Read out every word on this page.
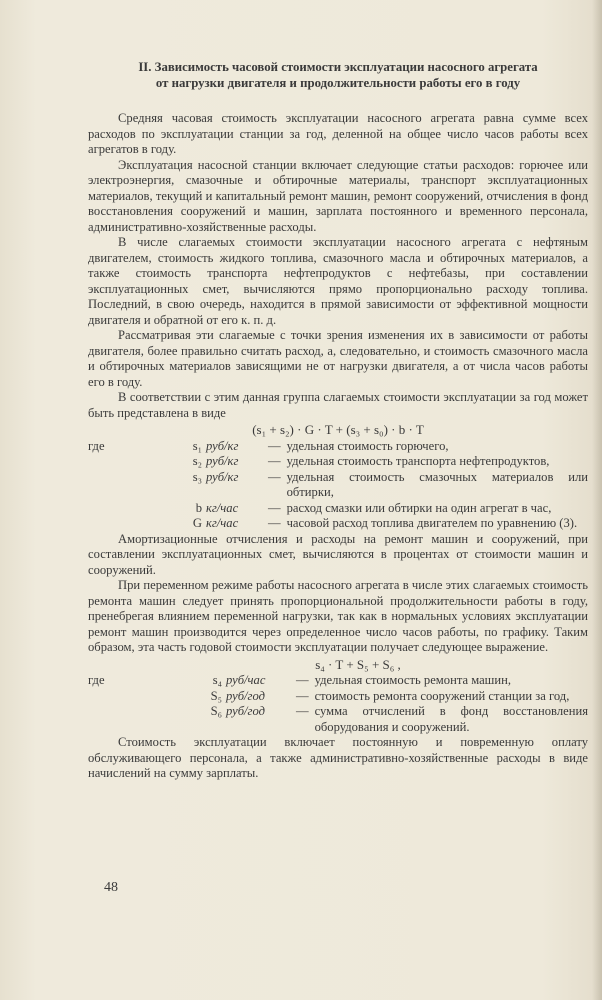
II. Зависимость часовой стоимости эксплуатации насосного агрегата
от нагрузки двигателя и продолжительности работы его в году

Средняя часовая стоимость эксплуатации насосного агрегата равна сумме всех расходов по эксплуатации станции за год, деленной на общее число часов работы всех агрегатов в году.

Эксплуатация насосной станции включает следующие статьи расходов: горючее или электроэнергия, смазочные и обтирочные материалы, транспорт эксплуатационных материалов, текущий и капитальный ремонт машин, ремонт сооружений, отчисления в фонд восстановления сооружений и машин, зарплата постоянного и временного персонала, административно-хозяйственные расходы.

В числе слагаемых стоимости эксплуатации насосного агрегата с нефтяным двигателем, стоимость жидкого топлива, смазочного масла и обтирочных материалов, а также стоимость транспорта нефтепродуктов с нефтебазы, при составлении эксплуатационных смет, вычисляются прямо пропорционально расходу топлива. Последний, в свою очередь, находится в прямой зависимости от эффективной мощности двигателя и обратной от его к. п. д.

Рассматривая эти слагаемые с точки зрения изменения их в зависимости от работы двигателя, более правильно считать расход, а, следовательно, и стоимость смазочного масла и обтирочных материалов зависящими не от нагрузки двигателя, а от числа часов работы его в году.

В соответствии с этим данная группа слагаемых стоимости эксплуатации за год может быть представлена в виде

(s₁ + s₂) · G · T + (s₃ + s₀) · b · T
где	s₁ руб/кг	— удельная стоимость горючего,
s₂ руб/кг	— удельная стоимость транспорта нефтепродуктов,
s₃ руб/кг	— удельная стоимость смазочных материалов или обтирки,
b кг/час	— расход смазки или обтирки на один агрегат в час,
G кг/час	— часовой расход топлива двигателем по уравнению (3).

Амортизационные отчисления и расходы на ремонт машин и сооружений, при составлении эксплуатационных смет, вычисляются в процентах от стоимости машин и сооружений.

При переменном режиме работы насосного агрегата в числе этих слагаемых стоимость ремонта машин следует принять пропорциональной продолжительности работы в году, пренебрегая влиянием переменной нагрузки, так как в нормальных условиях эксплуатации ремонт машин производится через определенное число часов работы, по графику. Таким образом, эта часть годовой стоимости эксплуатации получает следующее выражение.

s₄ · T + S₅ + S₆ ,
где	s₄ руб/час	— удельная стоимость ремонта машин,
S₅ руб/год	— стоимость ремонта сооружений станции за год,
S₆ руб/год	— сумма отчислений в фонд восстановления оборудования и сооружений.

Стоимость эксплуатации включает постоянную и повременную оплату обслуживающего персонала, а также административно-хозяйственные расходы в виде начислений на сумму зарплаты.

48
